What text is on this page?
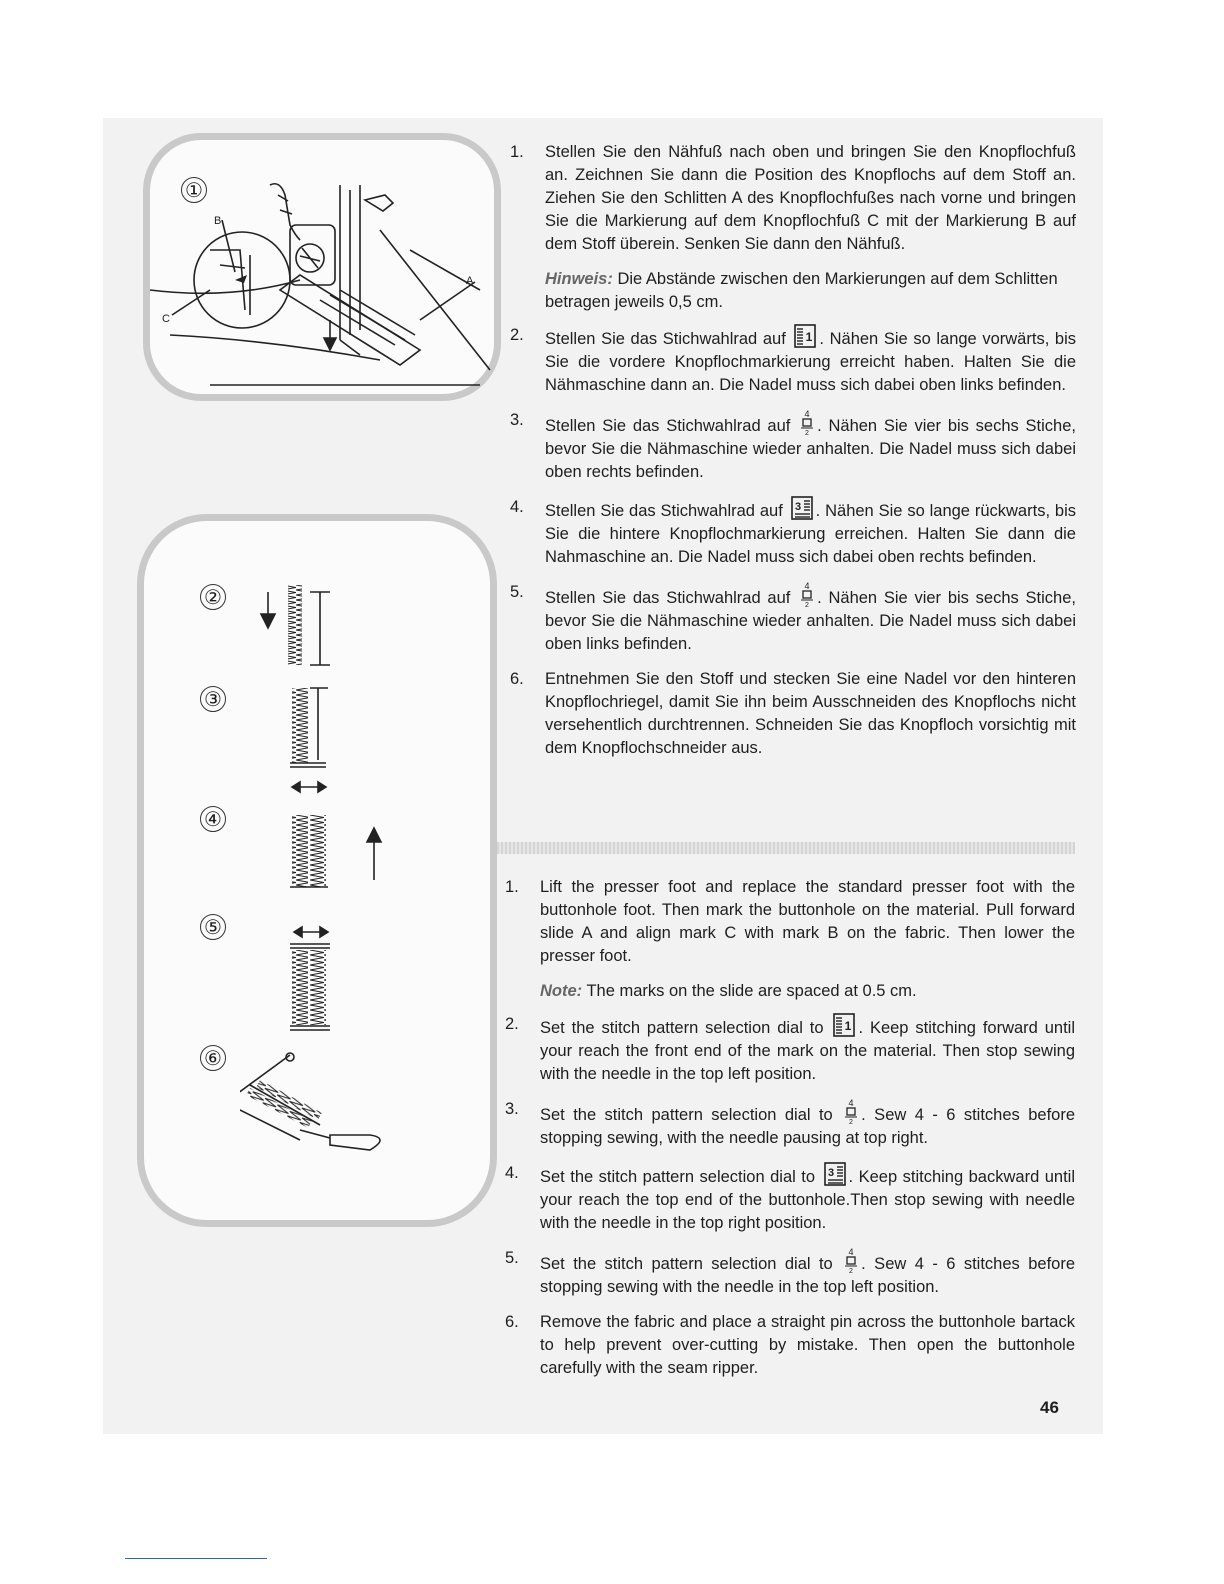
①
B
C
A
②
③
④
⑤
⑥
1.	Stellen Sie den Nähfuß nach oben und bringen Sie den Knopflochfuß an. Zeichnen Sie dann die Position des Knopflochs auf dem Stoff an. Ziehen Sie den Schlitten A des Knopflochfußes nach vorne und bringen Sie die Markierung auf dem Knopflochfuß C mit der Markierung B auf dem Stoff überein. Senken Sie dann den Nähfuß.
Hinweis: Die Abstände zwischen den Markierungen auf dem Schlitten betragen jeweils 0,5 cm.
2.	Stellen Sie das Stichwahlrad auf 1 . Nähen Sie so lange vorwärts, bis Sie die vordere Knopflochmarkierung erreicht haben. Halten Sie die Nähmaschine dann an. Die Nadel muss sich dabei oben links befinden.
3.	Stellen Sie das Stichwahlrad auf
4
2 . Nähen Sie vier bis sechs Stiche, bevor Sie die Nähmaschine wieder anhalten. Die Nadel muss sich dabei oben rechts befinden.
4.	Stellen Sie das Stichwahlrad auf 3 . Nähen Sie so lange rückwarts, bis Sie die hintere Knopflochmarkierung erreichen. Halten Sie dann die Nahmaschine an. Die Nadel muss sich dabei oben rechts befinden.
5.	Stellen Sie das Stichwahlrad auf
4
2 . Nähen Sie vier bis sechs Stiche, bevor Sie die Nähmaschine wieder anhalten. Die Nadel muss sich dabei oben links befinden.
6.	Entnehmen Sie den Stoff und stecken Sie eine Nadel vor den hinteren Knopflochriegel, damit Sie ihn beim Ausschneiden des Knopflochs nicht versehentlich durchtrennen. Schneiden Sie das Knopfloch vorsichtig mit dem Knopflochschneider aus.
1.	Lift the presser foot and replace the standard presser foot with the buttonhole foot. Then mark the buttonhole on the material. Pull forward slide A and align mark C with mark B on the fabric. Then lower the presser foot.
Note: The marks on the slide are spaced at 0.5 cm.
2.	Set the stitch pattern selection dial to 1 . Keep stitching forward until your reach the front end of the mark on the material. Then stop sewing with the needle in the top left position.
3.	Set the stitch pattern selection dial to
4
2 . Sew 4 - 6 stitches before stopping sewing, with the needle pausing at top right.
4.	Set the stitch pattern selection dial to 3 . Keep stitching backward until your reach the top end of the buttonhole.Then stop sewing with needle with the needle in the top right position.
5.	Set the stitch pattern selection dial to
4
2 . Sew 4 - 6 stitches before stopping sewing with the needle in the top left position.
6.	Remove the fabric and place a straight pin across the buttonhole bartack to help prevent over-cutting by mistake. Then open the buttonhole carefully with the seam ripper.
46
